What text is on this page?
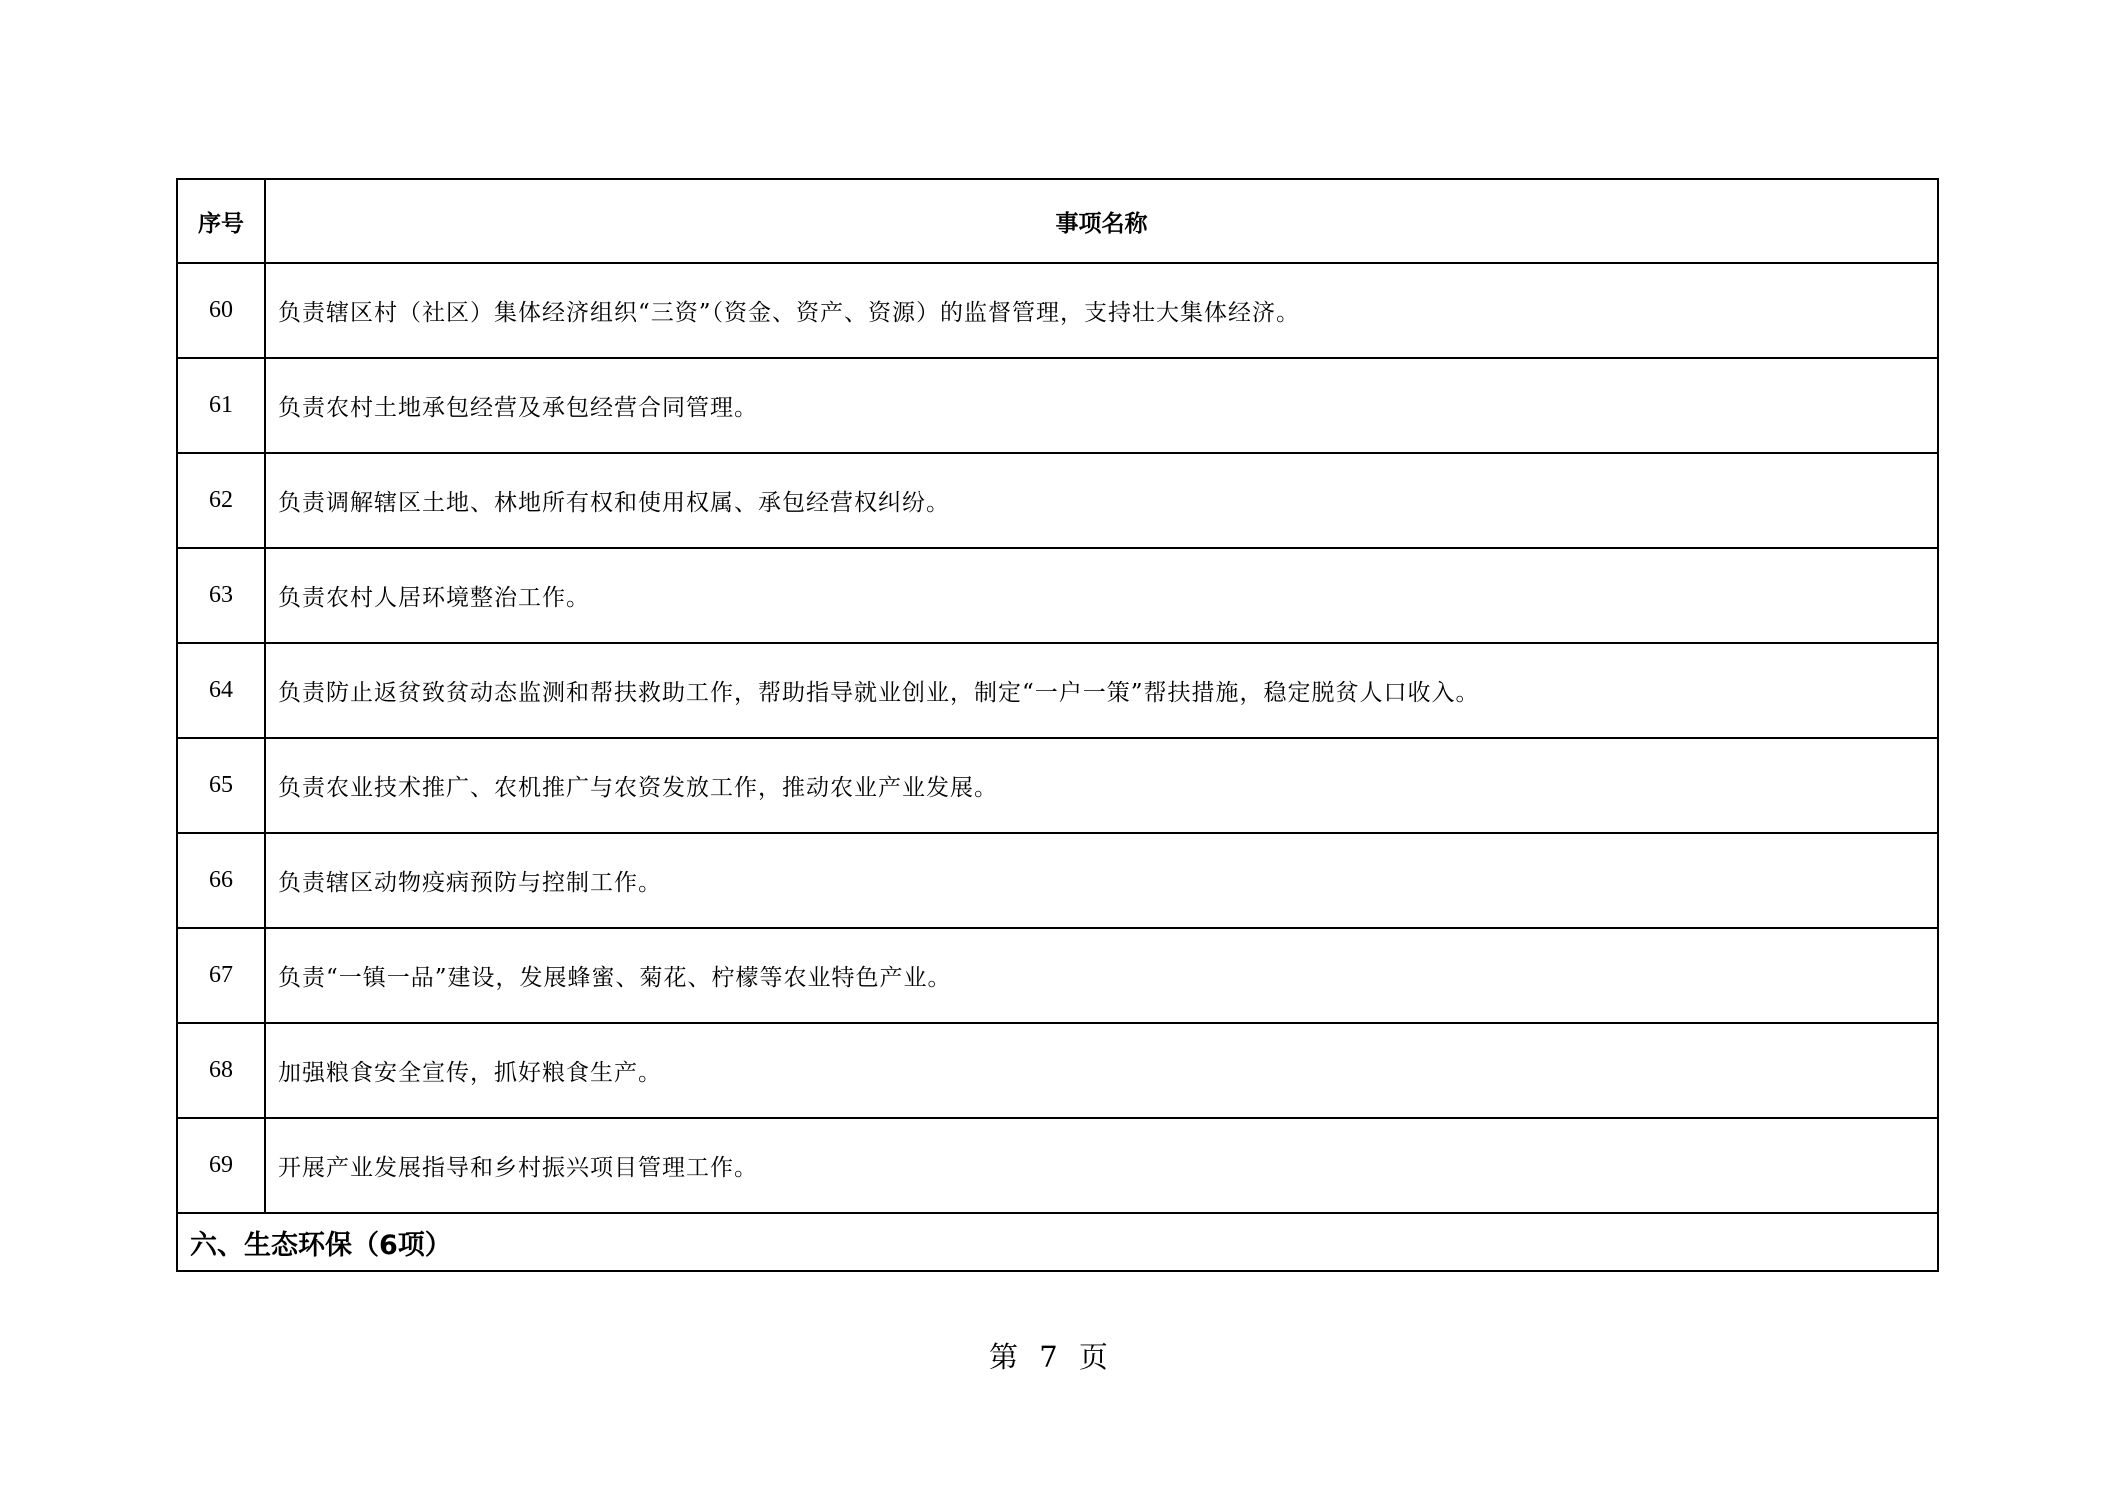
序号	事项名称
60	负责辖区村（社区）集体经济组织“三资”（资金、资产、资源）的监督管理，支持壮大集体经济。
61	负责农村土地承包经营及承包经营合同管理。
62	负责调解辖区土地、林地所有权和使用权属、承包经营权纠纷。
63	负责农村人居环境整治工作。
64	负责防止返贫致贫动态监测和帮扶救助工作，帮助指导就业创业，制定“一户一策”帮扶措施，稳定脱贫人口收入。
65	负责农业技术推广、农机推广与农资发放工作，推动农业产业发展。
66	负责辖区动物疫病预防与控制工作。
67	负责“一镇一品”建设，发展蜂蜜、菊花、柠檬等农业特色产业。
68	加强粮食安全宣传，抓好粮食生产。
69	开展产业发展指导和乡村振兴项目管理工作。
六、生态环保（6项）	
第 7 页
